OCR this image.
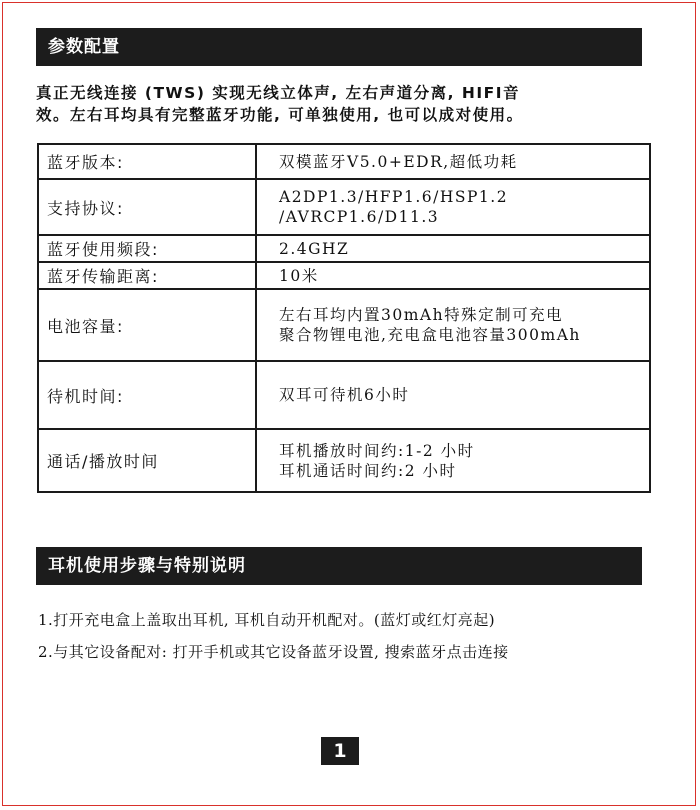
参数配置

真正无线连接 (TWS) 实现无线立体声, 左右声道分离, HIFI音

效。左右耳均具有完整蓝牙功能, 可单独使用, 也可以成对使用。

蓝牙版本:	双模蓝牙V5.0+EDR,超低功耗

支持协议:	A2DP1.3/HFP1.6/HSP1.2
/AVRCP1.6/D11.3

蓝牙使用频段:	2.4GHZ

蓝牙传输距离:	10米

电池容量:	左右耳均内置30mAh特殊定制可充电
聚合物锂电池,充电盒电池容量300mAh

待机时间:	双耳可待机6小时

通话/播放时间	耳机播放时间约:1-2 小时
耳机通话时间约:2 小时
耳机使用步骤与特别说明
1.打开充电盒上盖取出耳机, 耳机自动开机配对。(蓝灯或红灯亮起)
2.与其它设备配对: 打开手机或其它设备蓝牙设置, 搜索蓝牙点击连接
1
